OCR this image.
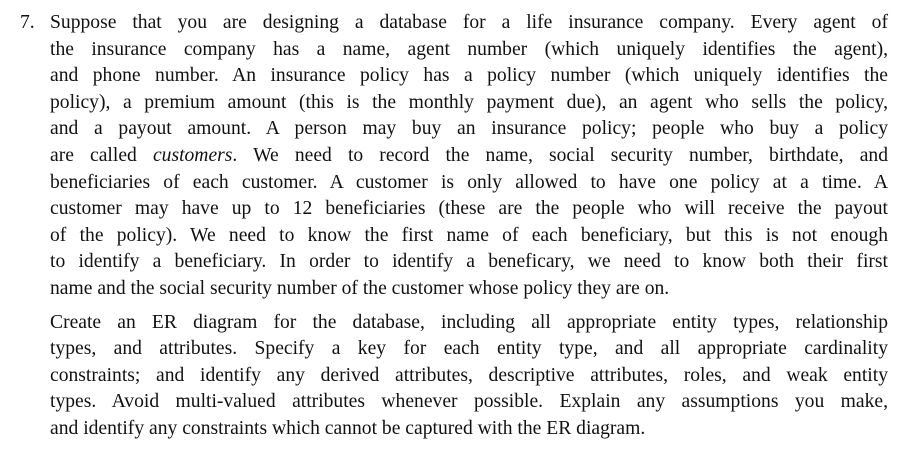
7. Suppose that you are designing a database for a life insurance company. Every agent of
the insurance company has a name, agent number (which uniquely identifies the agent),
and phone number. An insurance policy has a policy number (which uniquely identifies the
policy), a premium amount (this is the monthly payment due), an agent who sells the policy,
and a payout amount. A person may buy an insurance policy; people who buy a policy
are called customers. We need to record the name, social security number, birthdate, and
beneficiaries of each customer. A customer is only allowed to have one policy at a time. A
customer may have up to 12 beneficiaries (these are the people who will receive the payout
of the policy). We need to know the first name of each beneficiary, but this is not enough
to identify a beneficiary. In order to identify a beneficary, we need to know both their first
name and the social security number of the customer whose policy they are on.
Create an ER diagram for the database, including all appropriate entity types, relationship
types, and attributes. Specify a key for each entity type, and all appropriate cardinality
constraints; and identify any derived attributes, descriptive attributes, roles, and weak entity
types. Avoid multi-valued attributes whenever possible. Explain any assumptions you make,
and identify any constraints which cannot be captured with the ER diagram.
